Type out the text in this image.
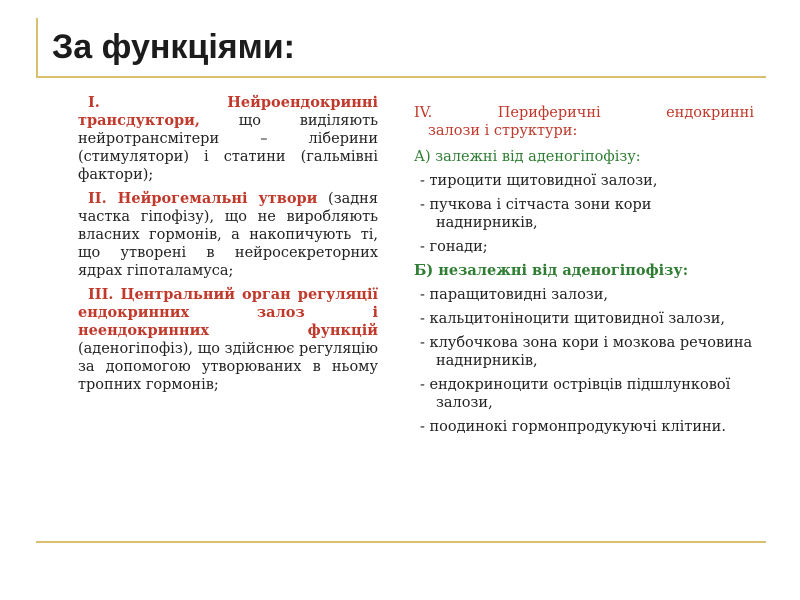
За функціями:

І. Нейроендокринні трансдуктори, що виділяють нейротрансмітери – ліберини (стимулятори) і статини (гальмівні фактори);

ІІ. Нейрогемальні утвори (задня частка гіпофізу), що не виробляють власних гормонів, а накопичують ті, що утворені в нейросекреторних ядрах гіпоталамуса;

ІІІ. Центральний орган регуляції ендокринних залоз і неендокринних функцій (аденогіпофіз), що здійснює регуляцію за допомогою утворюваних в ньому тропних гормонів;

IV.	Периферичні	ендокринні
залози і структури:

А) залежні від аденогіпофізу:

- тироцити щитовидної залози,

- пучкова і сітчаста зони кори наднирників,

- гонади;

Б) незалежні від аденогіпофізу:

- паращитовидні залози,

- кальцитоніноцити щитовидної залози,

- клубочкова зона кори і мозкова речовина наднирників,

- ендокриноцити острівців підшлункової залози,

- поодинокі гормонпродукуючі клітини.
